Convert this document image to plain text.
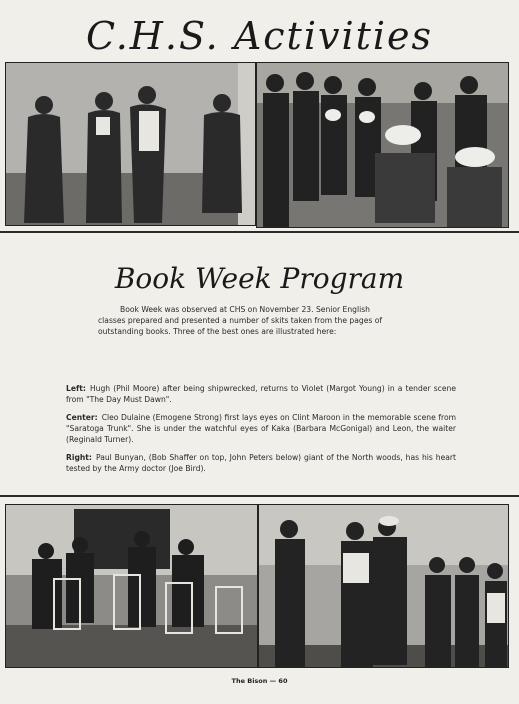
C.H.S. Activities
Book Week Program
Book Week was observed at CHS on November 23. Senior English classes prepared and presented a number of skits taken from the pages of outstanding books. Three of the best ones are illustrated here:

Left: Hugh (Phil Moore) after being shipwrecked, returns to Violet (Margot Young) in a tender scene from "The Day Must Dawn".

Center: Cleo Dulaine (Emogene Strong) first lays eyes on Clint Maroon in the memorable scene from "Saratoga Trunk". She is under the watchful eyes of Kaka (Barbara McGonigal) and Leon, the waiter (Reginald Turner).

Right: Paul Bunyan, (Bob Shaffer on top, John Peters below) giant of the North woods, has his heart tested by the Army doctor (Joe Bird).

The Bison — 60
